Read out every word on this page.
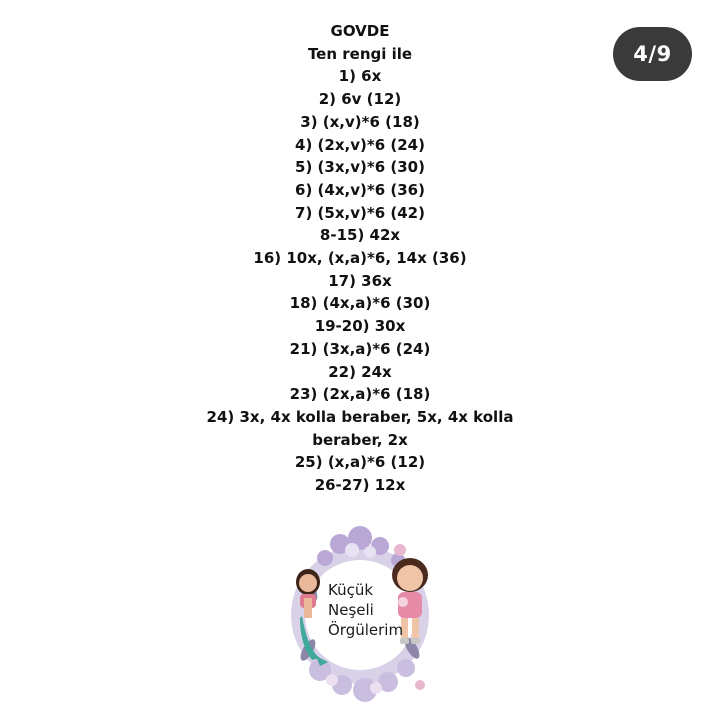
4/9
GOVDE
Ten rengi ile
1) 6x
2) 6v (12)
3) (x,v)*6 (18)
4) (2x,v)*6 (24)
5) (3x,v)*6 (30)
6) (4x,v)*6 (36)
7) (5x,v)*6 (42)
8-15) 42x
16) 10x, (x,a)*6, 14x (36)
17) 36x
18) (4x,a)*6 (30)
19-20) 30x
21) (3x,a)*6 (24)
22) 24x
23) (2x,a)*6 (18)
24) 3x, 4x kolla beraber, 5x, 4x kolla
beraber, 2x
25) (x,a)*6 (12)
26-27) 12x
Küçük
Neşeli
Örgülerim
